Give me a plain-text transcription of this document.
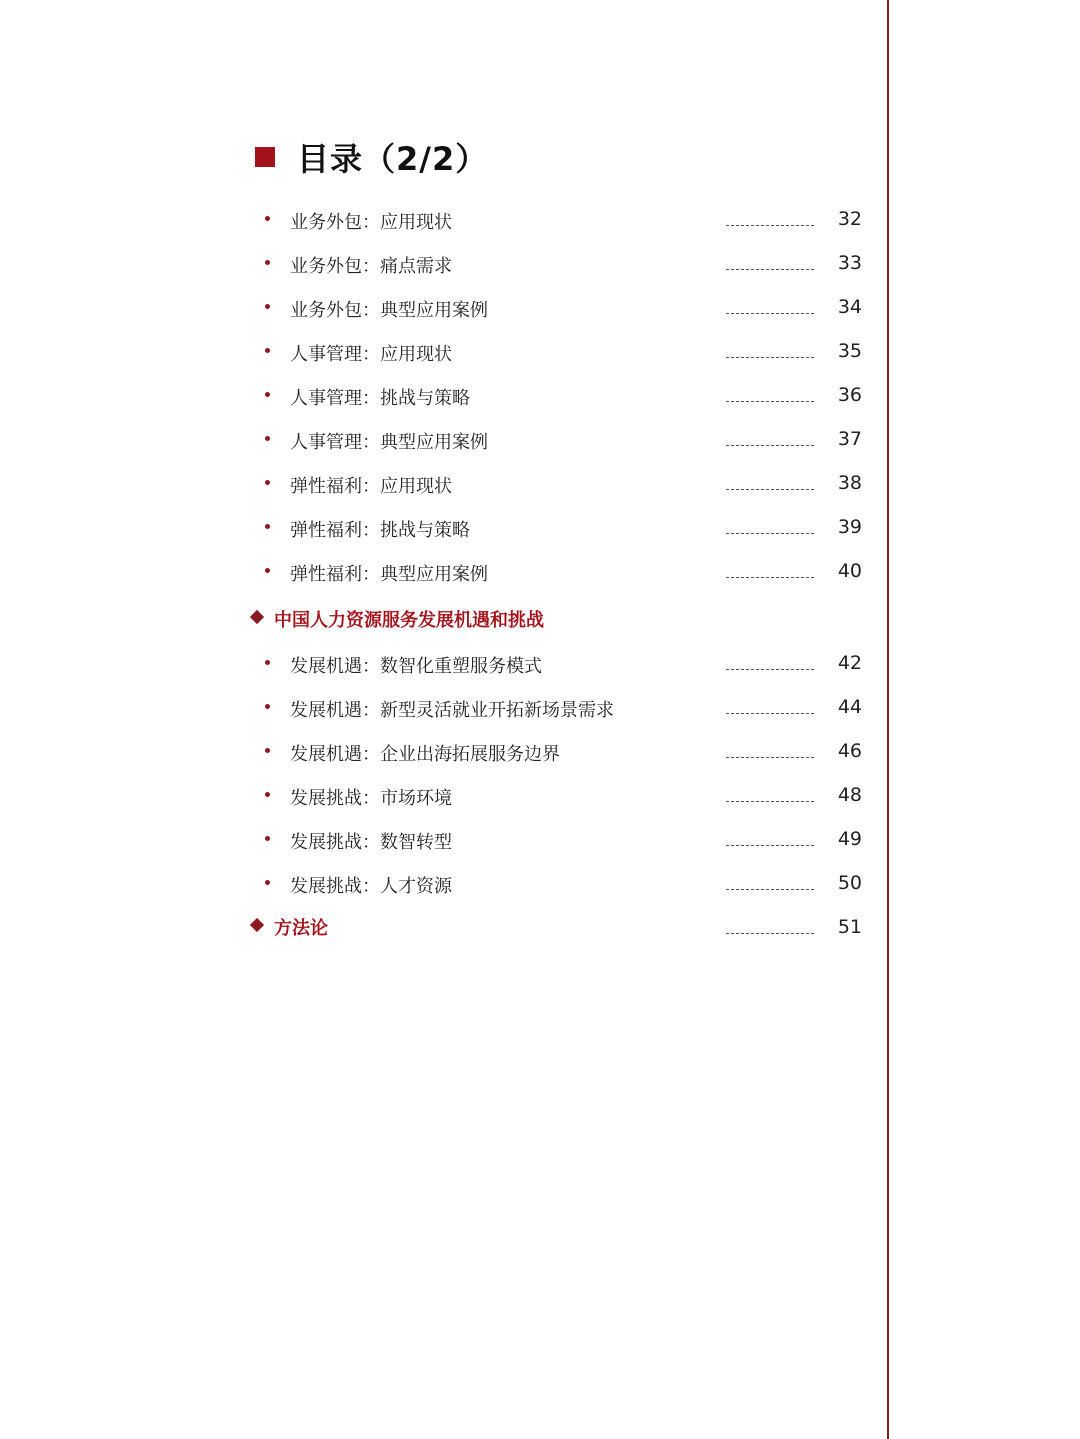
目录（2/2）
业务外包：应用现状	32
业务外包：痛点需求	33
业务外包：典型应用案例	34
人事管理：应用现状	35
人事管理：挑战与策略	36
人事管理：典型应用案例	37
弹性福利：应用现状	38
弹性福利：挑战与策略	39
弹性福利：典型应用案例	40
中国人力资源服务发展机遇和挑战
发展机遇：数智化重塑服务模式	42
发展机遇：新型灵活就业开拓新场景需求	44
发展机遇：企业出海拓展服务边界	46
发展挑战：市场环境	48
发展挑战：数智转型	49
发展挑战：人才资源	50
方法论	51
